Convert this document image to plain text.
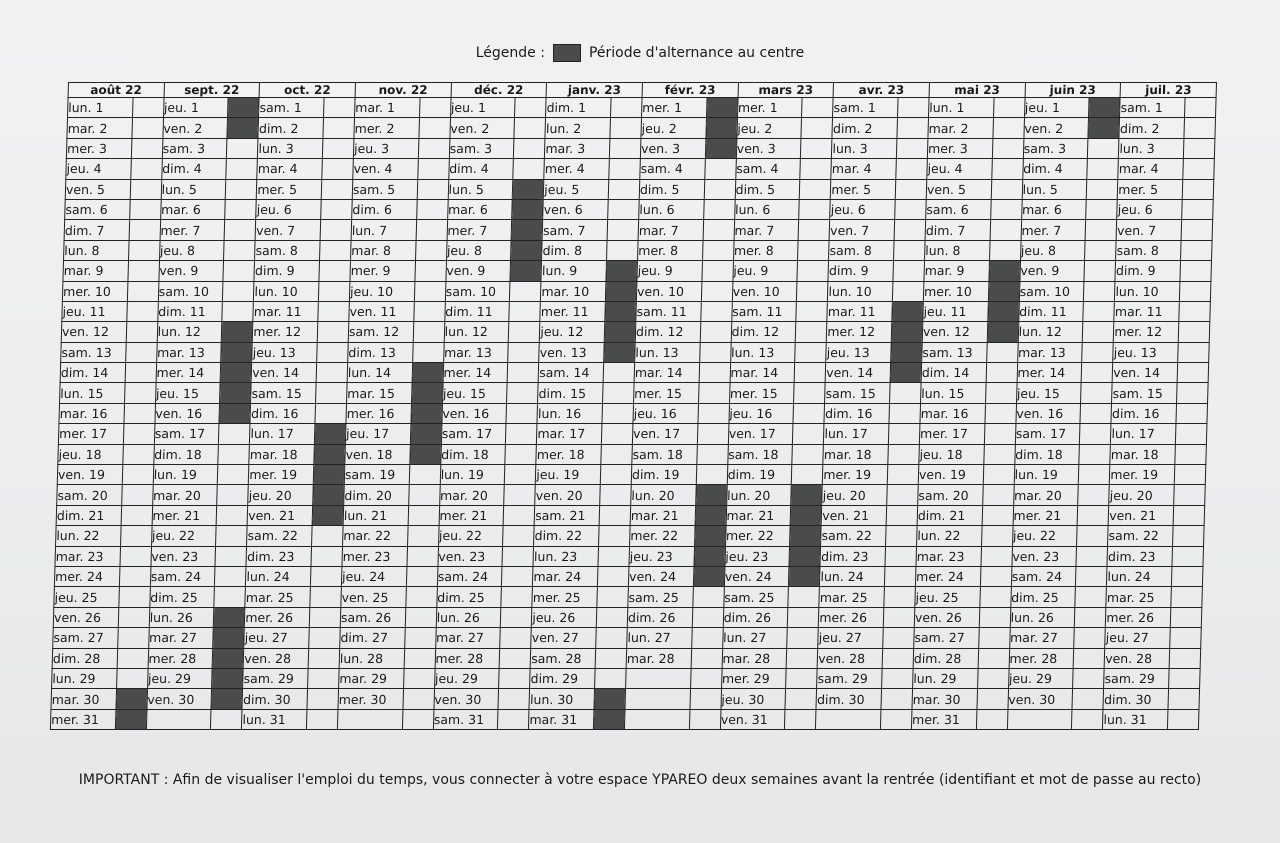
Légende :	Période d'alternance au centre
août 22		sept. 22		oct. 22		nov. 22		déc. 22		janv. 23		févr. 23		mars 23		avr. 23		mai 23		juin 23		juil. 23	
lun. 1		jeu. 1		sam. 1		mar. 1		jeu. 1		dim. 1		mer. 1		mer. 1		sam. 1		lun. 1		jeu. 1		sam. 1	
mar. 2		ven. 2		dim. 2		mer. 2		ven. 2		lun. 2		jeu. 2		jeu. 2		dim. 2		mar. 2		ven. 2		dim. 2	
mer. 3		sam. 3		lun. 3		jeu. 3		sam. 3		mar. 3		ven. 3		ven. 3		lun. 3		mer. 3		sam. 3		lun. 3	
jeu. 4		dim. 4		mar. 4		ven. 4		dim. 4		mer. 4		sam. 4		sam. 4		mar. 4		jeu. 4		dim. 4		mar. 4	
ven. 5		lun. 5		mer. 5		sam. 5		lun. 5		jeu. 5		dim. 5		dim. 5		mer. 5		ven. 5		lun. 5		mer. 5	
sam. 6		mar. 6		jeu. 6		dim. 6		mar. 6		ven. 6		lun. 6		lun. 6		jeu. 6		sam. 6		mar. 6		jeu. 6	
dim. 7		mer. 7		ven. 7		lun. 7		mer. 7		sam. 7		mar. 7		mar. 7		ven. 7		dim. 7		mer. 7		ven. 7	
lun. 8		jeu. 8		sam. 8		mar. 8		jeu. 8		dim. 8		mer. 8		mer. 8		sam. 8		lun. 8		jeu. 8		sam. 8	
mar. 9		ven. 9		dim. 9		mer. 9		ven. 9		lun. 9		jeu. 9		jeu. 9		dim. 9		mar. 9		ven. 9		dim. 9	
mer. 10		sam. 10		lun. 10		jeu. 10		sam. 10		mar. 10		ven. 10		ven. 10		lun. 10		mer. 10		sam. 10		lun. 10	
jeu. 11		dim. 11		mar. 11		ven. 11		dim. 11		mer. 11		sam. 11		sam. 11		mar. 11		jeu. 11		dim. 11		mar. 11	
ven. 12		lun. 12		mer. 12		sam. 12		lun. 12		jeu. 12		dim. 12		dim. 12		mer. 12		ven. 12		lun. 12		mer. 12	
sam. 13		mar. 13		jeu. 13		dim. 13		mar. 13		ven. 13		lun. 13		lun. 13		jeu. 13		sam. 13		mar. 13		jeu. 13	
dim. 14		mer. 14		ven. 14		lun. 14		mer. 14		sam. 14		mar. 14		mar. 14		ven. 14		dim. 14		mer. 14		ven. 14	
lun. 15		jeu. 15		sam. 15		mar. 15		jeu. 15		dim. 15		mer. 15		mer. 15		sam. 15		lun. 15		jeu. 15		sam. 15	
mar. 16		ven. 16		dim. 16		mer. 16		ven. 16		lun. 16		jeu. 16		jeu. 16		dim. 16		mar. 16		ven. 16		dim. 16	
mer. 17		sam. 17		lun. 17		jeu. 17		sam. 17		mar. 17		ven. 17		ven. 17		lun. 17		mer. 17		sam. 17		lun. 17	
jeu. 18		dim. 18		mar. 18		ven. 18		dim. 18		mer. 18		sam. 18		sam. 18		mar. 18		jeu. 18		dim. 18		mar. 18	
ven. 19		lun. 19		mer. 19		sam. 19		lun. 19		jeu. 19		dim. 19		dim. 19		mer. 19		ven. 19		lun. 19		mer. 19	
sam. 20		mar. 20		jeu. 20		dim. 20		mar. 20		ven. 20		lun. 20		lun. 20		jeu. 20		sam. 20		mar. 20		jeu. 20	
dim. 21		mer. 21		ven. 21		lun. 21		mer. 21		sam. 21		mar. 21		mar. 21		ven. 21		dim. 21		mer. 21		ven. 21	
lun. 22		jeu. 22		sam. 22		mar. 22		jeu. 22		dim. 22		mer. 22		mer. 22		sam. 22		lun. 22		jeu. 22		sam. 22	
mar. 23		ven. 23		dim. 23		mer. 23		ven. 23		lun. 23		jeu. 23		jeu. 23		dim. 23		mar. 23		ven. 23		dim. 23	
mer. 24		sam. 24		lun. 24		jeu. 24		sam. 24		mar. 24		ven. 24		ven. 24		lun. 24		mer. 24		sam. 24		lun. 24	
jeu. 25		dim. 25		mar. 25		ven. 25		dim. 25		mer. 25		sam. 25		sam. 25		mar. 25		jeu. 25		dim. 25		mar. 25	
ven. 26		lun. 26		mer. 26		sam. 26		lun. 26		jeu. 26		dim. 26		dim. 26		mer. 26		ven. 26		lun. 26		mer. 26	
sam. 27		mar. 27		jeu. 27		dim. 27		mar. 27		ven. 27		lun. 27		lun. 27		jeu. 27		sam. 27		mar. 27		jeu. 27	
dim. 28		mer. 28		ven. 28		lun. 28		mer. 28		sam. 28		mar. 28		mar. 28		ven. 28		dim. 28		mer. 28		ven. 28	
lun. 29		jeu. 29		sam. 29		mar. 29		jeu. 29		dim. 29				mer. 29		sam. 29		lun. 29		jeu. 29		sam. 29	
mar. 30		ven. 30		dim. 30		mer. 30		ven. 30		lun. 30				jeu. 30		dim. 30		mar. 30		ven. 30		dim. 30	
mer. 31				lun. 31				sam. 31		mar. 31				ven. 31				mer. 31				lun. 31	
IMPORTANT : Afin de visualiser l'emploi du temps, vous connecter à votre espace YPAREO deux semaines avant la rentrée (identifiant et mot de passe au recto)
